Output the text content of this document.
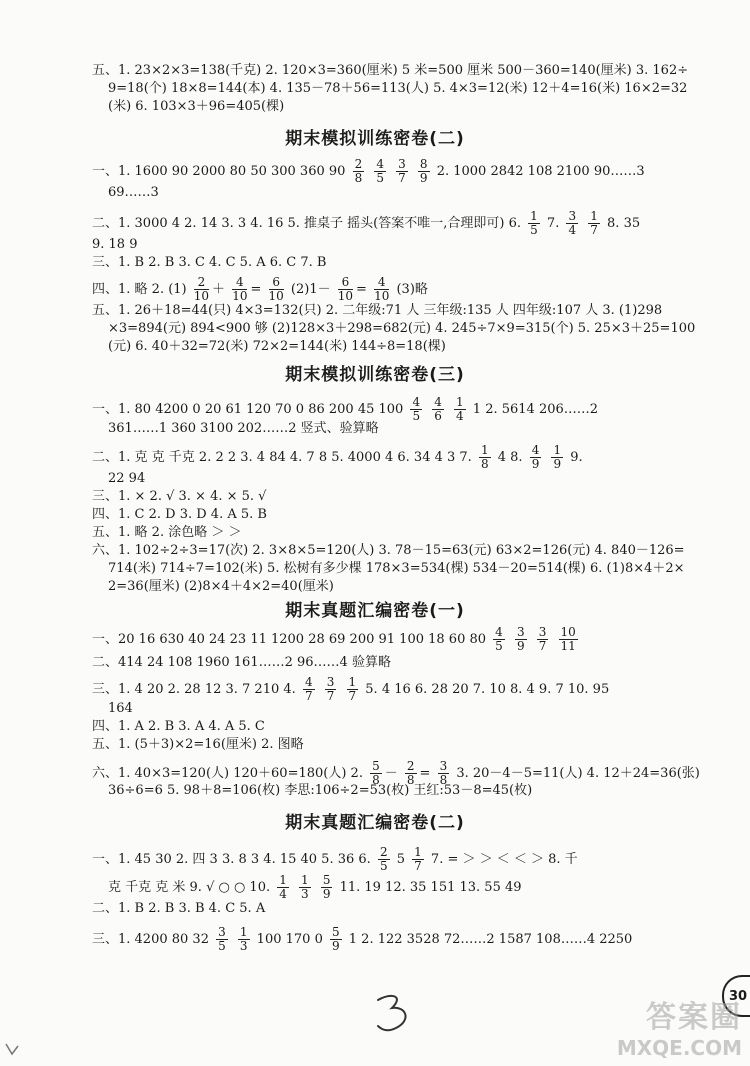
五、1. 23×2×3=138(千克) 2. 120×3=360(厘米) 5 米=500 厘米 500－360=140(厘米) 3. 162÷
9=18(个) 18×8=144(本) 4. 135－78＋56=113(人) 5. 4×3=12(米) 12＋4=16(米) 16×2=32
(米) 6. 103×3＋96=405(棵)
期末模拟训练密卷(二)
一、1. 1600 90 2000 80 50 300 360 $90 \frac{2}{8}$
$\frac{4}{5}$
$\frac{3}{7}$
$\frac{8}{9} 2$. 1000 2842 108 2100 90……3
69……3
二、1. 3000 4 2. 14 3. 3 4. 16 5. 推桌子 摇头(答案不唯一,合理即可) 6. $\frac{1}{5} 7$. $\frac{3}{4}$
$\frac{1}{7} 8$. 35
9. 18 9
三、1. B 2. B 3. C 4. C 5. A 6. C 7. B
四、1. 略 2. $(1) \frac{2}{10} + \frac{4}{10} = \frac{6}{10} (2)1- \frac{6}{10} = \frac{4}{10} (3)$略
五、1. 26＋18=44(只) 4×3=132(只) 2. 二年级:71 人 三年级:135 人 四年级:107 人 3. (1)298
×3=894(元) 894<900 够 (2)128×3＋298=682(元) 4. 245÷7×9=315(个) 5. 25×3＋25=100
(元) 6. 40＋32=72(米) 72×2=144(米) 144÷8=18(棵)
期末模拟训练密卷(三)
一、1. 80 4200 0 20 61 120 70 0 86 200 45 $100 \frac{4}{5}$
$\frac{4}{6}$
$\frac{1}{4} 1$ 2. 5614 206……2
361……1 360 3100 202……2 竖式、验算略
二、1. 克 克 千克 2. 2 2 3. 4 84 4. 7 8 5. 4000 4 6. 34 4 3 7. $\frac{1}{8} 4$ 8. $\frac{4}{9}$
$\frac{1}{9} 9$.
22 94
三、1. × 2. √ 3. × 4. × 5. √
四、1. C 2. D 3. D 4. A 5. B
五、1. 略 2. 涂色略 ＞ ＞
六、1. 102÷2÷3=17(次) 2. 3×8×5=120(人) 3. 78－15=63(元) 63×2=126(元) 4. 840－126=
714(米) 714÷7=102(米) 5. 松树有多少棵 178×3=534(棵) 534－20=514(棵) 6. (1)8×4＋2×
2=36(厘米) (2)8×4＋4×2=40(厘米)
期末真题汇编密卷(一)
一、20 16 630 40 24 23 11 1200 28 69 200 91 100 18 60 $80 \frac{4}{5}$
$\frac{3}{9}$
$\frac{3}{7}$
$\frac{10}{11}$
二、414 24 108 1960 161……2 96……4 验算略
三、1. 4 20 2. 28 12 3. 7 210 4. $\frac{4}{7}$
$\frac{3}{7}$
$\frac{1}{7} 5$. 4 16 6. 28 20 7. 10 8. 4 9. 7 10. 95
164
四、1. A 2. B 3. A 4. A 5. C
五、1. (5＋3)×2=16(厘米) 2. 图略
六、1. 40×3=120(人) 120＋60=180(人) 2. $\frac{5}{8} - \frac{2}{8} = \frac{3}{8} 3$. 20－4－5=11(人) 4. 12＋24=36(张)
36÷6=6 5. 98＋8=106(枚) 李思:106÷2=53(枚) 王红:53－8=45(枚)
期末真题汇编密卷(二)
一、1. 45 30 2. 四 3 3. 8 3 4. 15 40 5. 36 6. $\frac{2}{5} 5 \frac{1}{7} 7$. = ＞ ＞ ＜ ＜ ＞ 8. 千
克 千克 克 米 9. √ ○ ○ 10. $\frac{1}{4}$
$\frac{1}{3}$
$\frac{5}{9} 11$. 19 12. 35 151 13. 55 49
二、1. B 2. B 3. B 4. C 5. A
三、1. 4200 80 $32 \frac{3}{5}$
$\frac{1}{3} 100$ 170 $0 \frac{5}{9} 1$ 2. 122 3528 72……2 1587 108……4 2250
30
答案圈
MXQE.COM
